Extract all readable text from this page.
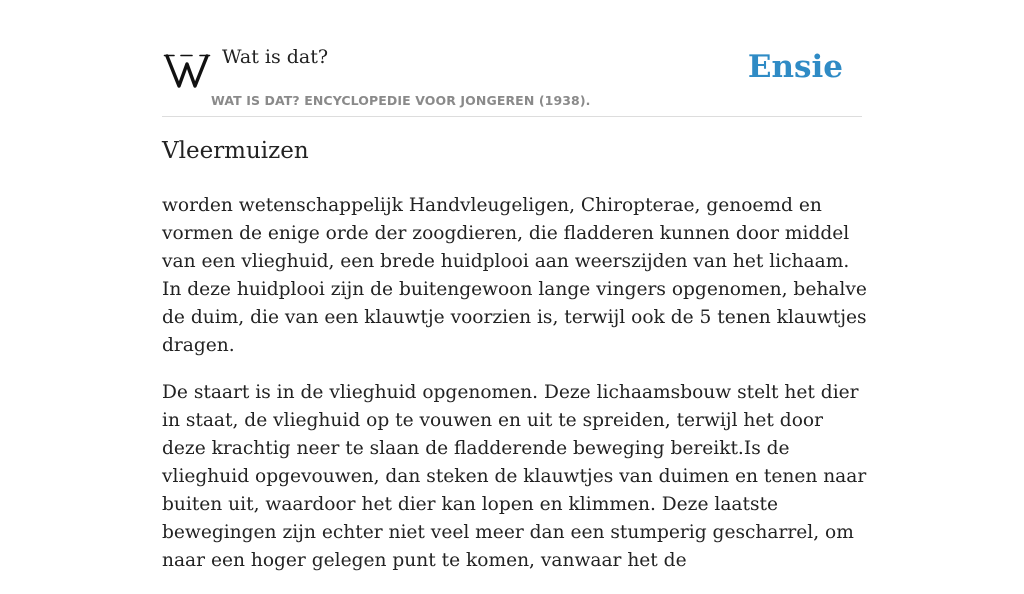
Wat is dat?
WAT IS DAT? ENCYCLOPEDIE VOOR JONGEREN (1938).
Ensie
Vleermuizen

worden wetenschappelijk Handvleugeligen, Chiropterae, genoemd en vormen de enige orde der zoogdieren, die fladderen kunnen door middel van een vlieghuid, een brede huidplooi aan weerszijden van het lichaam. In deze huidplooi zijn de buitengewoon lange vingers opgenomen, behalve de duim, die van een klauwtje voorzien is, terwijl ook de 5 tenen klauwtjes dragen.

De staart is in de vlieghuid opgenomen. Deze lichaamsbouw stelt het dier in staat, de vlieghuid op te vouwen en uit te spreiden, terwijl het door deze krachtig neer te slaan de fladderende beweging bereikt.Is de vlieghuid opgevouwen, dan steken de klauwtjes van duimen en tenen naar buiten uit, waardoor het dier kan lopen en klimmen. Deze laatste bewegingen zijn echter niet veel meer dan een stumperig gescharrel, om naar een hoger gelegen punt te komen, vanwaar het de
